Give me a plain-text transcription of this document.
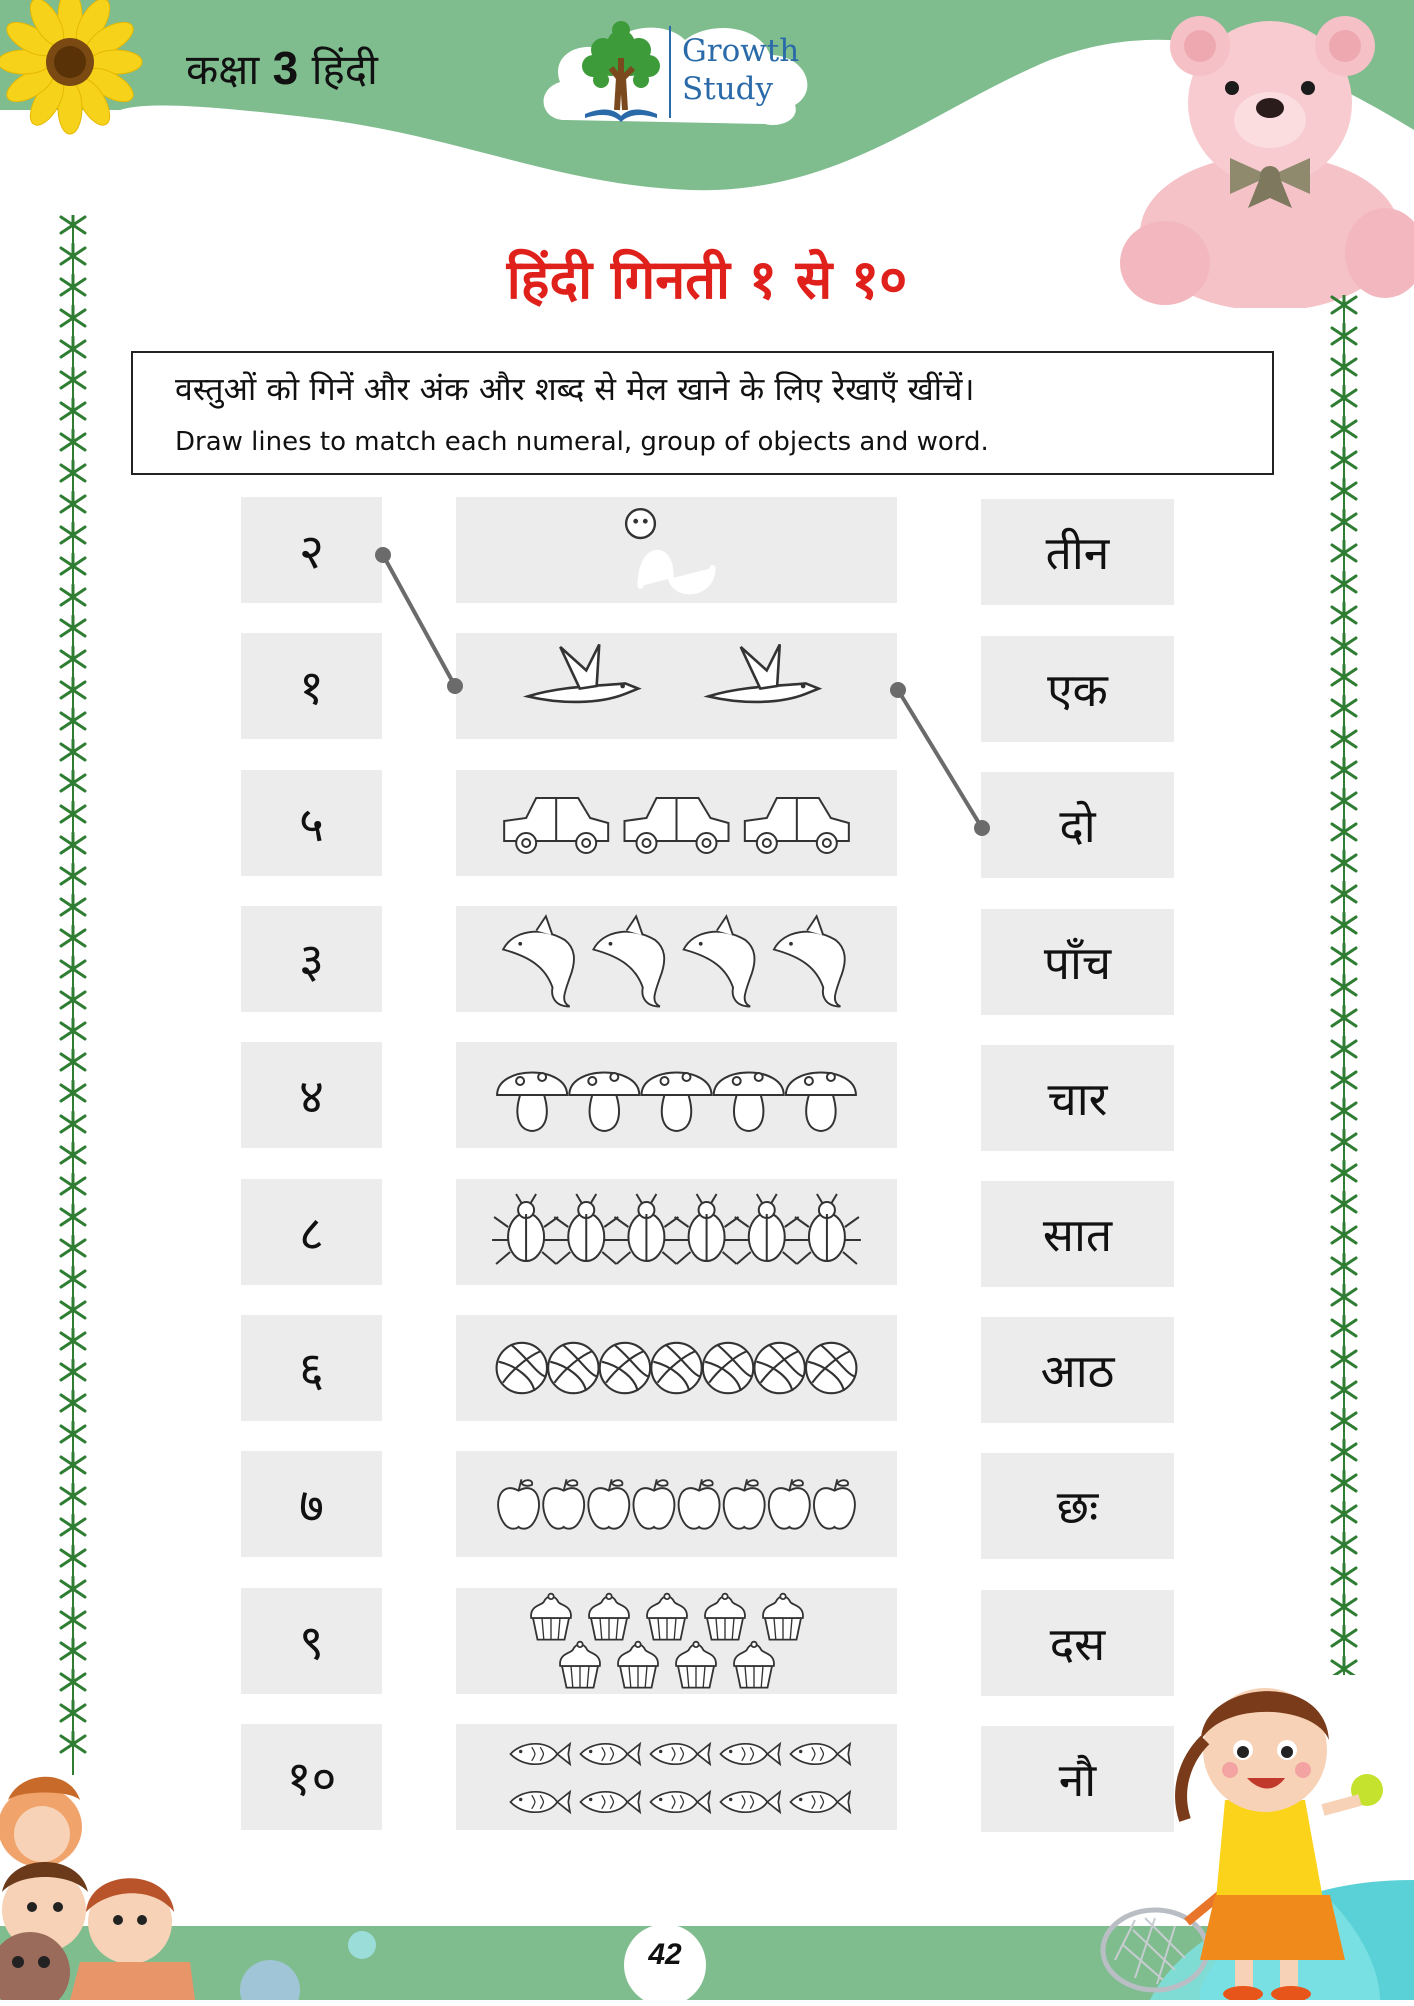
कक्षा 3 हिंदी	Growth
Study
हिंदी गिनती १ से १०
वस्तुओं को गिनें और अंक और शब्द से मेल खाने के लिए रेखाएँ खींचें।
Draw lines to match each numeral, group of objects and word.
२	तीन
१	एक
५	दो
३	पाँच
४	चार
८	सात
६	आठ
७	छः
९	दस
१०	नौ
42
